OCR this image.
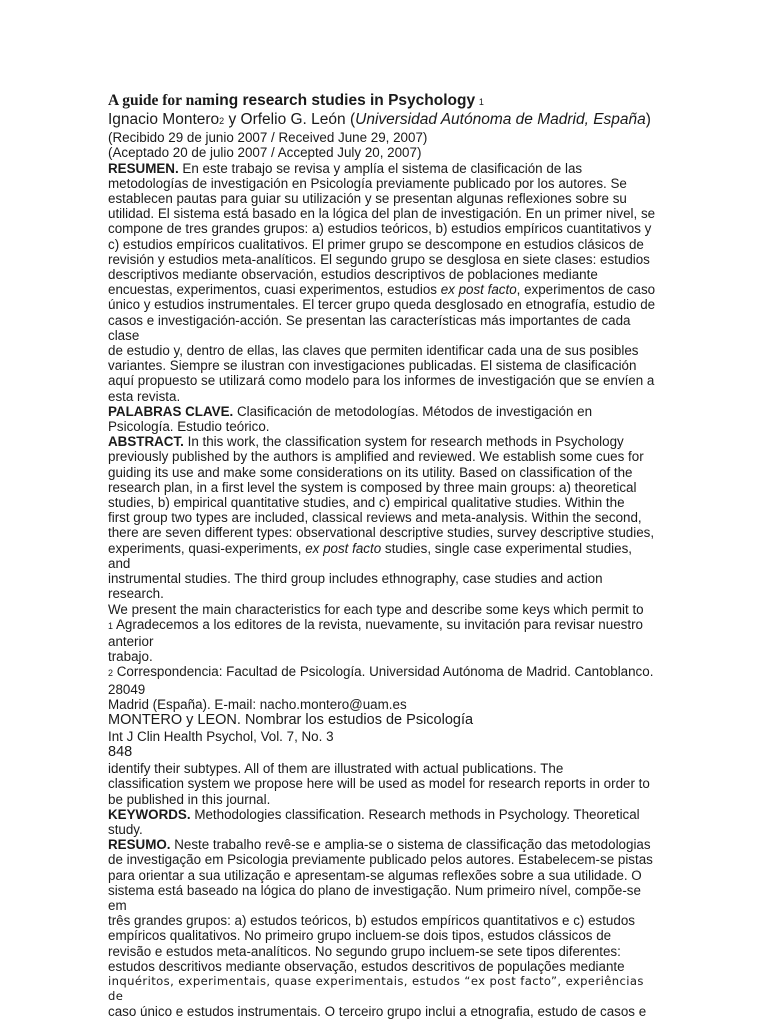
A guide for naming research studies in Psychology 1
Ignacio Montero2 y Orfelio G. León (Universidad Autónoma de Madrid, España)
(Recibido 29 de junio 2007 / Received June 29, 2007)
(Aceptado 20 de julio 2007 / Accepted July 20, 2007)
RESUMEN. En este trabajo se revisa y amplía el sistema de clasificación de las
metodologías de investigación en Psicología previamente publicado por los autores. Se
establecen pautas para guiar su utilización y se presentan algunas reflexiones sobre su
utilidad. El sistema está basado en la lógica del plan de investigación. En un primer nivel, se
compone de tres grandes grupos: a) estudios teóricos, b) estudios empíricos cuantitativos y
c) estudios empíricos cualitativos. El primer grupo se descompone en estudios clásicos de
revisión y estudios meta-analíticos. El segundo grupo se desglosa en siete clases: estudios
descriptivos mediante observación, estudios descriptivos de poblaciones mediante
encuestas, experimentos, cuasi experimentos, estudios ex post facto, experimentos de caso
único y estudios instrumentales. El tercer grupo queda desglosado en etnografía, estudio de
casos e investigación-acción. Se presentan las características más importantes de cada clase
de estudio y, dentro de ellas, las claves que permiten identificar cada una de sus posibles
variantes. Siempre se ilustran con investigaciones publicadas. El sistema de clasificación
aquí propuesto se utilizará como modelo para los informes de investigación que se envíen a
esta revista.
PALABRAS CLAVE. Clasificación de metodologías. Métodos de investigación en
Psicología. Estudio teórico.
ABSTRACT. In this work, the classification system for research methods in Psychology
previously published by the authors is amplified and reviewed. We establish some cues for
guiding its use and make some considerations on its utility. Based on classification of the
research plan, in a first level the system is composed by three main groups: a) theoretical
studies, b) empirical quantitative studies, and c) empirical qualitative studies. Within the
first group two types are included, classical reviews and meta-analysis. Within the second,
there are seven different types: observational descriptive studies, survey descriptive studies,
experiments, quasi-experiments, ex post facto studies, single case experimental studies, and
instrumental studies. The third group includes ethnography, case studies and action research.
We present the main characteristics for each type and describe some keys which permit to
1 Agradecemos a los editores de la revista, nuevamente, su invitación para revisar nuestro anterior
trabajo.
2 Correspondencia: Facultad de Psicología. Universidad Autónoma de Madrid. Cantoblanco. 28049
Madrid (España). E-mail: nacho.montero@uam.es
MONTERO y LEON. Nombrar los estudios de Psicología
Int J Clin Health Psychol, Vol. 7, No. 3
848
identify their subtypes. All of them are illustrated with actual publications. The
classification system we propose here will be used as model for research reports in order to
be published in this journal.
KEYWORDS. Methodologies classification. Research methods in Psychology. Theoretical
study.
RESUMO. Neste trabalho revê-se e amplia-se o sistema de classificação das metodologias
de investigação em Psicologia previamente publicado pelos autores. Estabelecem-se pistas
para orientar a sua utilização e apresentam-se algumas reflexões sobre a sua utilidade. O
sistema está baseado na lógica do plano de investigação. Num primeiro nível, compõe-se em
três grandes grupos: a) estudos teóricos, b) estudos empíricos quantitativos e c) estudos
empíricos qualitativos. No primeiro grupo incluem-se dois tipos, estudos clássicos de
revisão e estudos meta-analíticos. No segundo grupo incluem-se sete tipos diferentes:
estudos descritivos mediante observação, estudos descritivos de populações mediante
inquéritos, experimentais, quase experimentais, estudos “ex post facto”, experiências de
caso único e estudos instrumentais. O terceiro grupo inclui a etnografia, estudo de casos e
